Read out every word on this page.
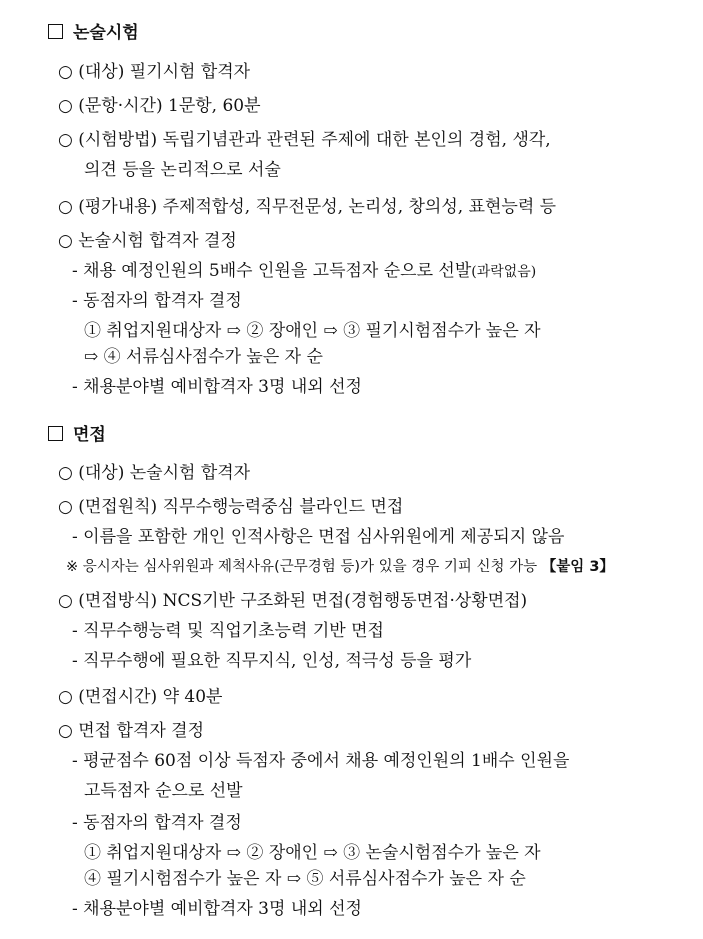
논술시험
○ (대상) 필기시험 합격자
○ (문항·시간) 1문항, 60분
○ (시험방법) 독립기념관과 관련된 주제에 대한 본인의 경험, 생각,
의견 등을 논리적으로 서술
○ (평가내용) 주제적합성, 직무전문성, 논리성, 창의성, 표현능력 등
○ 논술시험 합격자 결정
- 채용 예정인원의 5배수 인원을 고득점자 순으로 선발(과락없음)
- 동점자의 합격자 결정
① 취업지원대상자 ⇨ ② 장애인 ⇨ ③ 필기시험점수가 높은 자
⇨ ④ 서류심사점수가 높은 자 순
- 채용분야별 예비합격자 3명 내외 선정
면접
○ (대상) 논술시험 합격자
○ (면접원칙) 직무수행능력중심 블라인드 면접
- 이름을 포함한 개인 인적사항은 면접 심사위원에게 제공되지 않음
※ 응시자는 심사위원과 제척사유(근무경험 등)가 있을 경우 기피 신청 가능 【붙임 3】
○ (면접방식) NCS기반 구조화된 면접(경험행동면접·상황면접)
- 직무수행능력 및 직업기초능력 기반 면접
- 직무수행에 필요한 직무지식, 인성, 적극성 등을 평가
○ (면접시간) 약 40분
○ 면접 합격자 결정
- 평균점수 60점 이상 득점자 중에서 채용 예정인원의 1배수 인원을
고득점자 순으로 선발
- 동점자의 합격자 결정
① 취업지원대상자 ⇨ ② 장애인 ⇨ ③ 논술시험점수가 높은 자
④ 필기시험점수가 높은 자 ⇨ ⑤ 서류심사점수가 높은 자 순
- 채용분야별 예비합격자 3명 내외 선정
